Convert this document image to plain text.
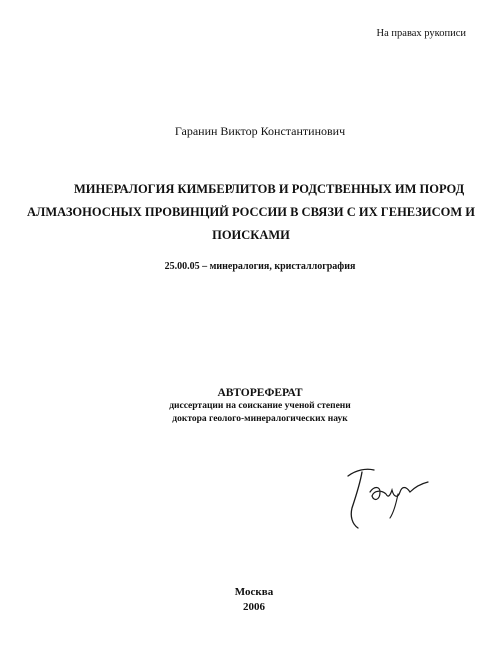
На правах рукописи
Гаранин Виктор Константинович
МИНЕРАЛОГИЯ КИМБЕРЛИТОВ И РОДСТВЕННЫХ ИМ ПОРОД
АЛМАЗОНОСНЫХ ПРОВИНЦИЙ РОССИИ В СВЯЗИ С ИХ ГЕНЕЗИСОМ И
ПОИСКАМИ
25.00.05 – минералогия, кристаллография
АВТОРЕФЕРАТ
диссертации на соискание ученой степени
доктора геолого-минералогических наук
Москва
2006
